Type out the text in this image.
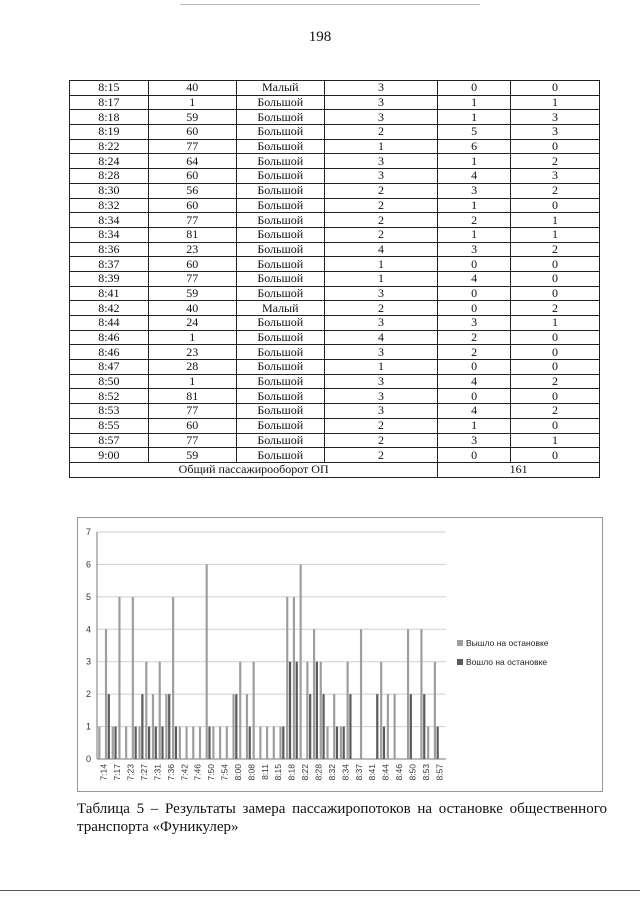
198
8:15	40	Малый	3	0	0
8:17	1	Большой	3	1	1
8:18	59	Большой	3	1	3
8:19	60	Большой	2	5	3
8:22	77	Большой	1	6	0
8:24	64	Большой	3	1	2
8:28	60	Большой	3	4	3
8:30	56	Большой	2	3	2
8:32	60	Большой	2	1	0
8:34	77	Большой	2	2	1
8:34	81	Большой	2	1	1
8:36	23	Большой	4	3	2
8:37	60	Большой	1	0	0
8:39	77	Большой	1	4	0
8:41	59	Большой	3	0	0
8:42	40	Малый	2	0	2
8:44	24	Большой	3	3	1
8:46	1	Большой	4	2	0
8:46	23	Большой	3	2	0
8:47	28	Большой	1	0	0
8:50	1	Большой	3	4	2
8:52	81	Большой	3	0	0
8:53	77	Большой	3	4	2
8:55	60	Большой	2	1	0
8:57	77	Большой	2	3	1
9:00	59	Большой	2	0	0
Общий пассажирооборот ОП				161	
0
1
2
3
4
5
6
7
7:14 7:17 7:23 7:27 7:31 7:36 7:42 7:46 7:50 7:54 8:00 8:08 8:11 8:15 8:18 8:22 8:28 8:32 8:34 8:37 8:41 8:44 8:46 8:50 8:53 8:57
Вышло на остановке
Вошло на остановке
Таблица 5 – Результаты замера пассажиропотоков на остановке общественного транспорта «Фуникулер»
